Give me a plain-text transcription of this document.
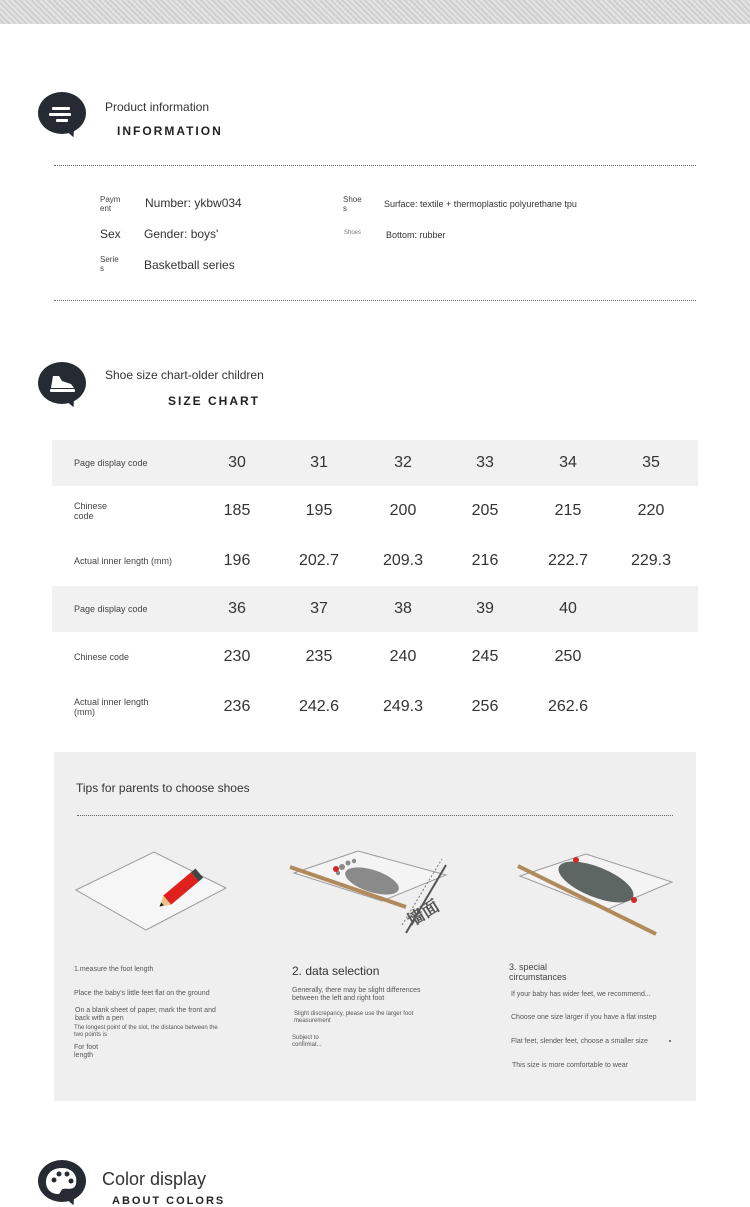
Product information
INFORMATION
Paym
ent	Number: ykbw034
Sex Gender: boys'
Serie
s	Basketball series
Shoe
s	Surface: textile + thermoplastic polyurethane tpu
Shoes	Bottom: rubber
Shoe size chart-older children
SIZE CHART
Page display code	30	31	32	33	34	35
Chinese
code	185	195	200	205	215	220
Actual inner length (mm)	196	202.7	209.3	216	222.7	229.3
Page display code	36	37	38	39	40
Chinese code	230	235	240	245	250
Actual inner length
(mm)	236	242.6	249.3	256	262.6
Tips for parents to choose shoes
墙面
1.measure the foot length
Place the baby's little feet flat on the ground
On a blank sheet of paper, mark the front and
back with a pen
The longest point of the slot, the distance between the
two points is
For foot
length
2. data selection
Generally, there may be slight differences
between the left and right foot
Slight discrepancy, please use the larger foot
measurement
Subject to
confirmat...
3. special
circumstances
If your baby has wider feet, we recommend...
Choose one size larger if you have a flat instep
Flat feet, slender feet, choose a smaller size
This size is more comfortable to wear
Color display
ABOUT COLORS
